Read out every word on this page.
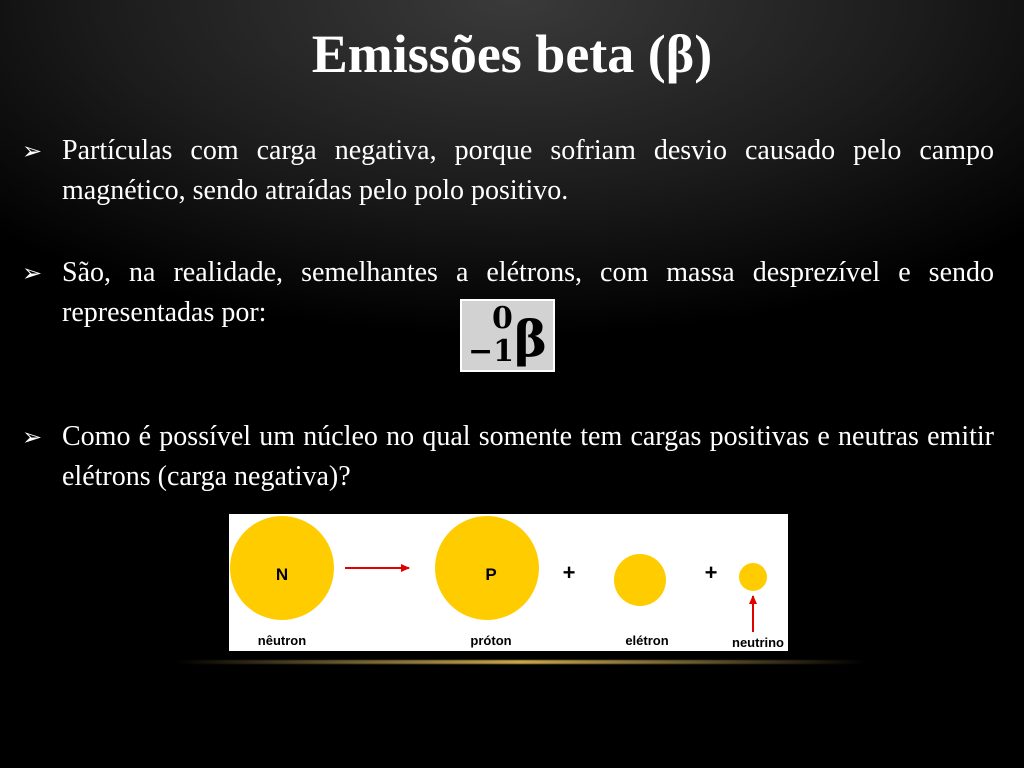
Emissões beta (β)
➢ Partículas com carga negativa, porque sofriam desvio causado pelo campo magnético, sendo atraídas pelo polo positivo.
➢ São, na realidade, semelhantes a elétrons, com massa desprezível e sendo representadas por:	0
−1 β
➢ Como é possível um núcleo no qual somente tem cargas positivas e neutras emitir elétrons (carga negativa)?
N
nêutron
P
próton
+
elétron
+
neutrino
